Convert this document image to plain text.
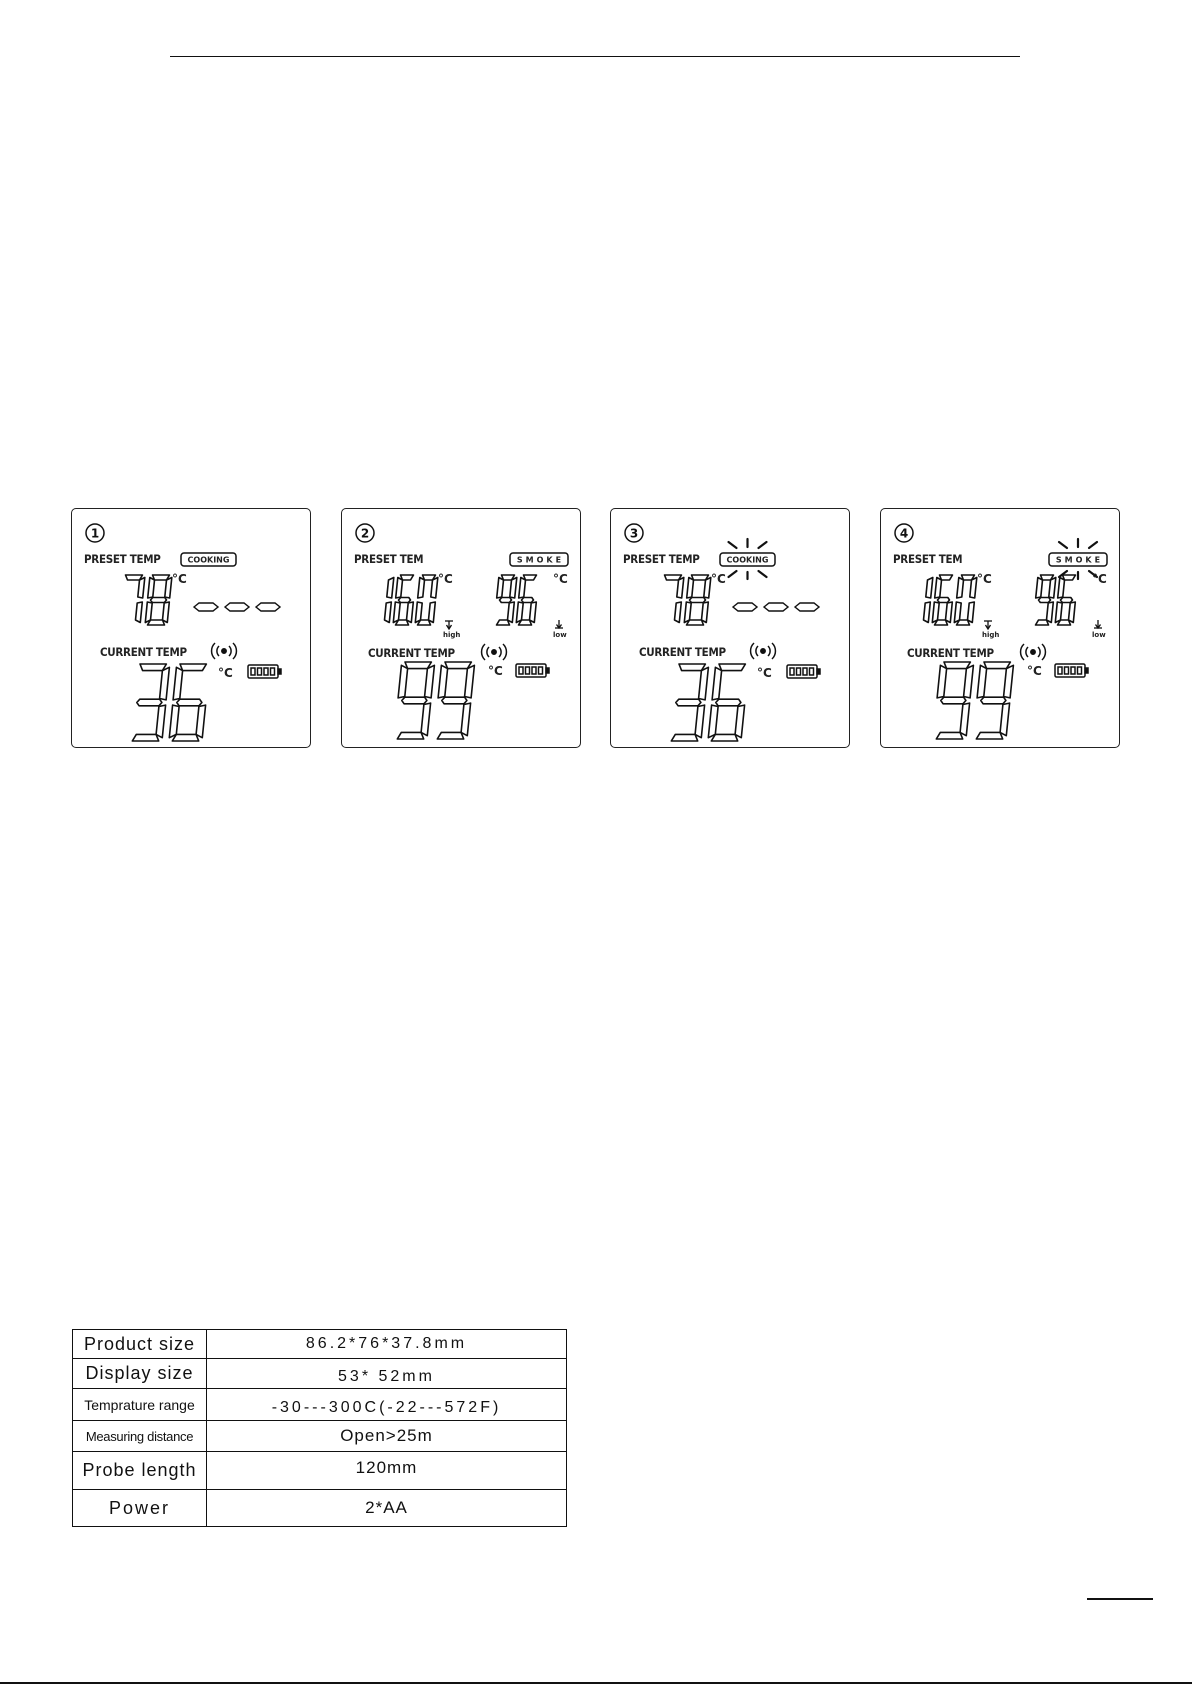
1
PRESET TEMP	COOKING
°C
CURRENT TEMP
°C
2
PRESET TEM	SMOKE
°C
high
°C
low
CURRENT TEMP
°C
3
PRESET TEMP	COOKING
°C
CURRENT TEMP
°C
4
PRESET TEM	SMOKE
°C
high
°C
low
CURRENT TEMP
°C
Product size	86.2*76*37.8mm
Display size	53* 52mm
Temprature range	-30---300C(-22---572F)
Measuring distance	Open>25m
Probe length	120mm
Power	2*AA
